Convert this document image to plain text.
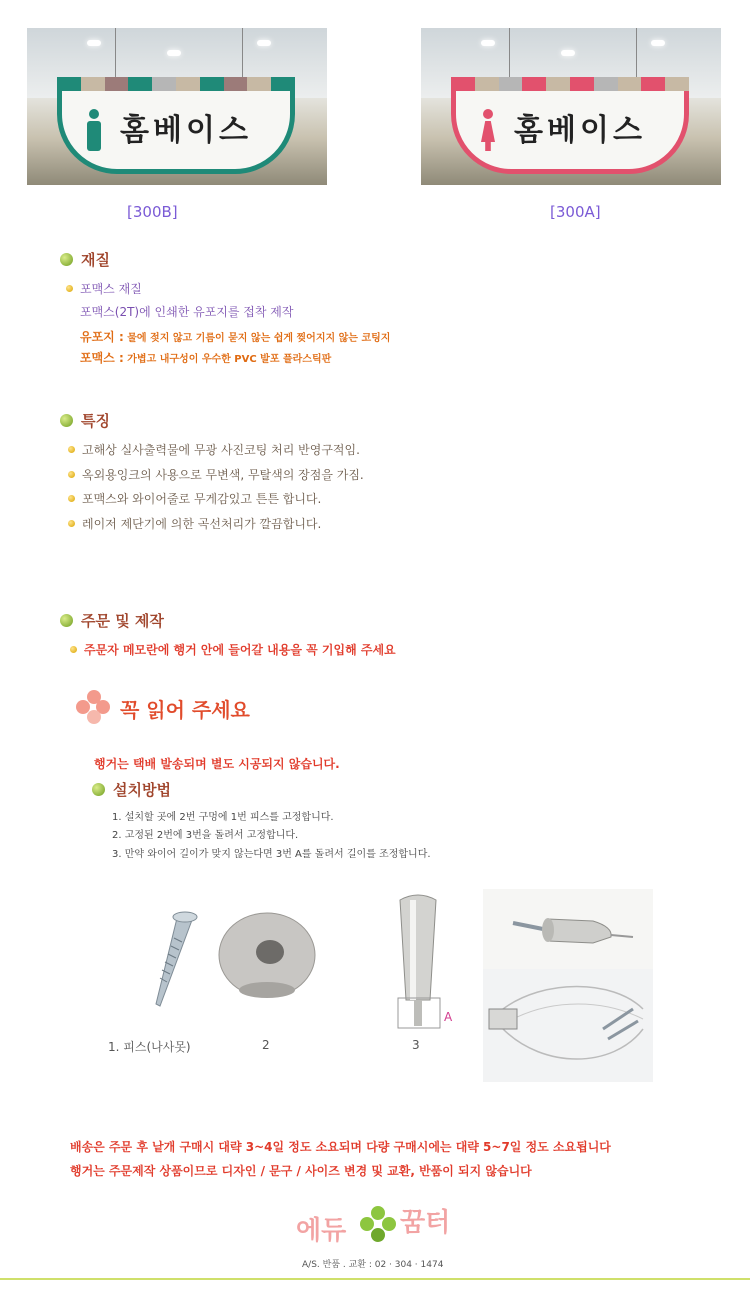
홈베이스	홈베이스
[300B]	[300A]
재질
포맥스 재질
포맥스(2T)에 인쇄한 유포지를 접착 제작
유포지 : 물에 젖지 않고 기름이 묻지 않는 쉽게 찢어지지 않는 코팅지
포맥스 : 가볍고 내구성이 우수한 PVC 발포 플라스틱판
특징
고해상 실사출력물에 무광 사진코팅 처리 반영구적임.
옥외용잉크의 사용으로 무변색, 무탈색의 장점을 가짐.
포맥스와 와이어줄로 무게감있고 튼튼 합니다.
레이저 제단기에 의한 곡선처리가 깔끔합니다.
주문 및 제작
주문자 메모란에 행거 안에 들어갈 내용을 꼭 기입해 주세요
꼭 읽어 주세요
행거는 택배 발송되며 별도 시공되지 않습니다.
설치방법
1. 설치할 곳에 2번 구멍에 1번 피스를 고정합니다.
2. 고정된 2번에 3번을 돌려서 고정합니다.
3. 만약 와이어 길이가 맞지 않는다면 3번 A를 돌려서 길이를 조정합니다.
1. 피스(나사못)	2	3
A
배송은 주문 후 낱개 구매시 대략 3~4일 정도 소요되며 다량 구매시에는 대략 5~7일 정도 소요됩니다
행거는 주문제작 상품이므로 디자인 / 문구 / 사이즈 변경 및 교환, 반품이 되지 않습니다
에듀 꿈터
A/S. 반품 . 교환 : 02 · 304 · 1474
